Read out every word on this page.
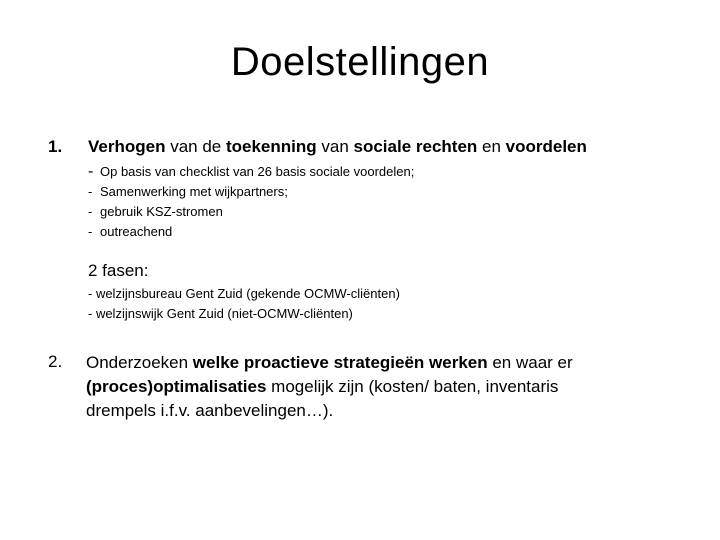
Doelstellingen
1. Verhogen van de toekenning van sociale rechten en voordelen
- Op basis van checklist van 26 basis sociale voordelen;
- Samenwerking met wijkpartners;
- gebruik KSZ-stromen
- outreachend
2 fasen:
- welzijnsbureau Gent Zuid (gekende OCMW-cliënten)
- welzijnswijk Gent Zuid (niet-OCMW-cliënten)
2. Onderzoeken welke proactieve strategieën werken en waar er (proces)optimalisaties mogelijk zijn (kosten/ baten, inventaris drempels i.f.v. aanbevelingen…).
